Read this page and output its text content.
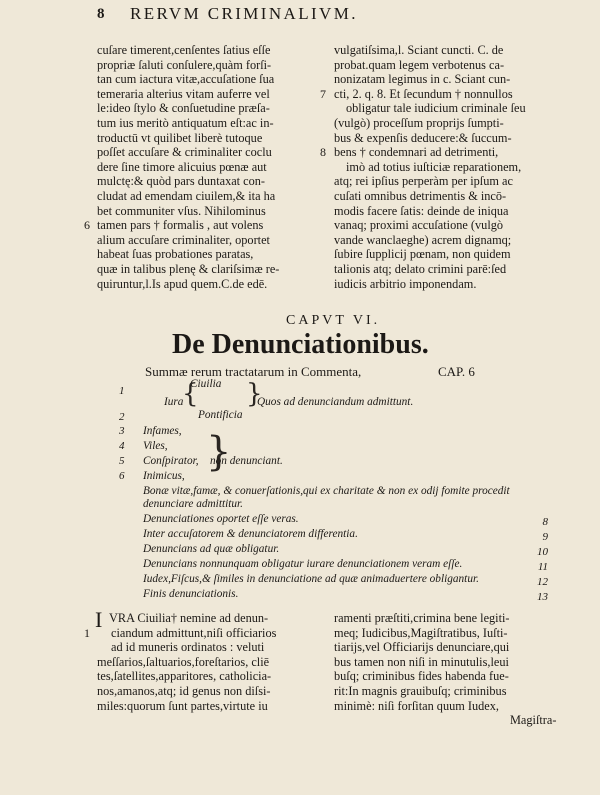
8 RERVM CRIMINALIVM.
cuſare timerent,cenſentes ſatius eſſe
propriæ ſaluti conſulere,quàm forſi-
tan cum iactura vitæ,accuſatione ſua
temeraria alterius vitam auferre vel
le:ideo ſtylo & conſuetudine præſa-
tum ius meritò antiquatum eſt:ac in-
troductū vt quilibet liberè tutoque
poſſet accuſare & criminaliter coclu
dere ſine timore alicuius pœnæ aut
mulctę:& quòd pars duntaxat con-
cludat ad emendam ciuilem,& ita ha
bet communiter vſus. Nihilominus
tamen pars † formalis , aut volens
alium accuſare criminaliter, oportet
habeat ſuas probationes paratas,
quæ in talibus plenę & clariſsimæ re-
quiruntur,l.Is apud quem.C.de edē.
vulgatiſsima,l. Sciant cuncti. C. de
probat.quam legem verbotenus ca-
nonizatam legimus in c. Sciant cun-
cti, 2. q. 8. Et ſecundum † nonnullos
obligatur tale iudicium criminale ſeu
(vulgò) proceſſum proprijs ſumpti-
bus & expenſis deducere:& ſuccum-
bens † condemnari ad detrimenti,
imò ad totius iuſticiæ reparationem,
atq; rei ipſius perperàm per ipſum ac
cuſati omnibus detrimentis & incō-
modis facere ſatis: deinde de iniqua
vanaq; proximi accuſatione (vulgò
vande wanclaeghe) acrem dignamq;
ſubire ſupplicij pœnam, non quidem
talionis atq; delato crimini parē:ſed
iudicis arbitrio imponendam.
6
7
8
CAPVT VI.
De Denunciationibus.
Summæ rerum tractatarum in Commenta,	CAP. 6
1
2
Ciuilia
Iura
Pontificia
{ }
Quos ad denunciandum admittunt.
3 Infames,
4 Viles,
5 Conſpirator,
6 Inimicus,
}
non denunciant.
Bonæ vitæ,famæ, & conuerſationis,qui ex charitate & non ex odij fomite procedit
denunciare admittitur.
Denunciationes oportet eſſe veras.	8
Inter accuſatorem & denunciatorem differentia.	9
Denuncians ad quæ obligatur.	10
Denuncians nonnunquam obligatur iurare denunciationem veram eſſe.	11
Iudex,Fiſcus,& ſimiles in denunciatione ad quæ animaduertere obligantur.	12
Finis denunciationis.	13
I VRA Ciuilia† nemine ad denun-
ciandum admittunt,niſi officiarios
ad id muneris ordinatos : veluti
meſſarios,ſaltuarios,foreſtarios, cliē
tes,ſatellites,apparitores, catholicia-
nos,amanos,atq; id genus non diſsi-
miles:quorum ſunt partes,virtute iu
ramenti præſtiti,crimina bene legiti-
meq; Iudicibus,Magiſtratibus, Iuſti-
tiarijs,vel Officiarijs denunciare,qui
bus tamen non niſi in minutulis,leui
buſq; criminibus fides habenda fue-
rit:In magnis grauibuſq; criminibus
minimè: niſi forſitan quum Iudex,
Magiſtra-
1
